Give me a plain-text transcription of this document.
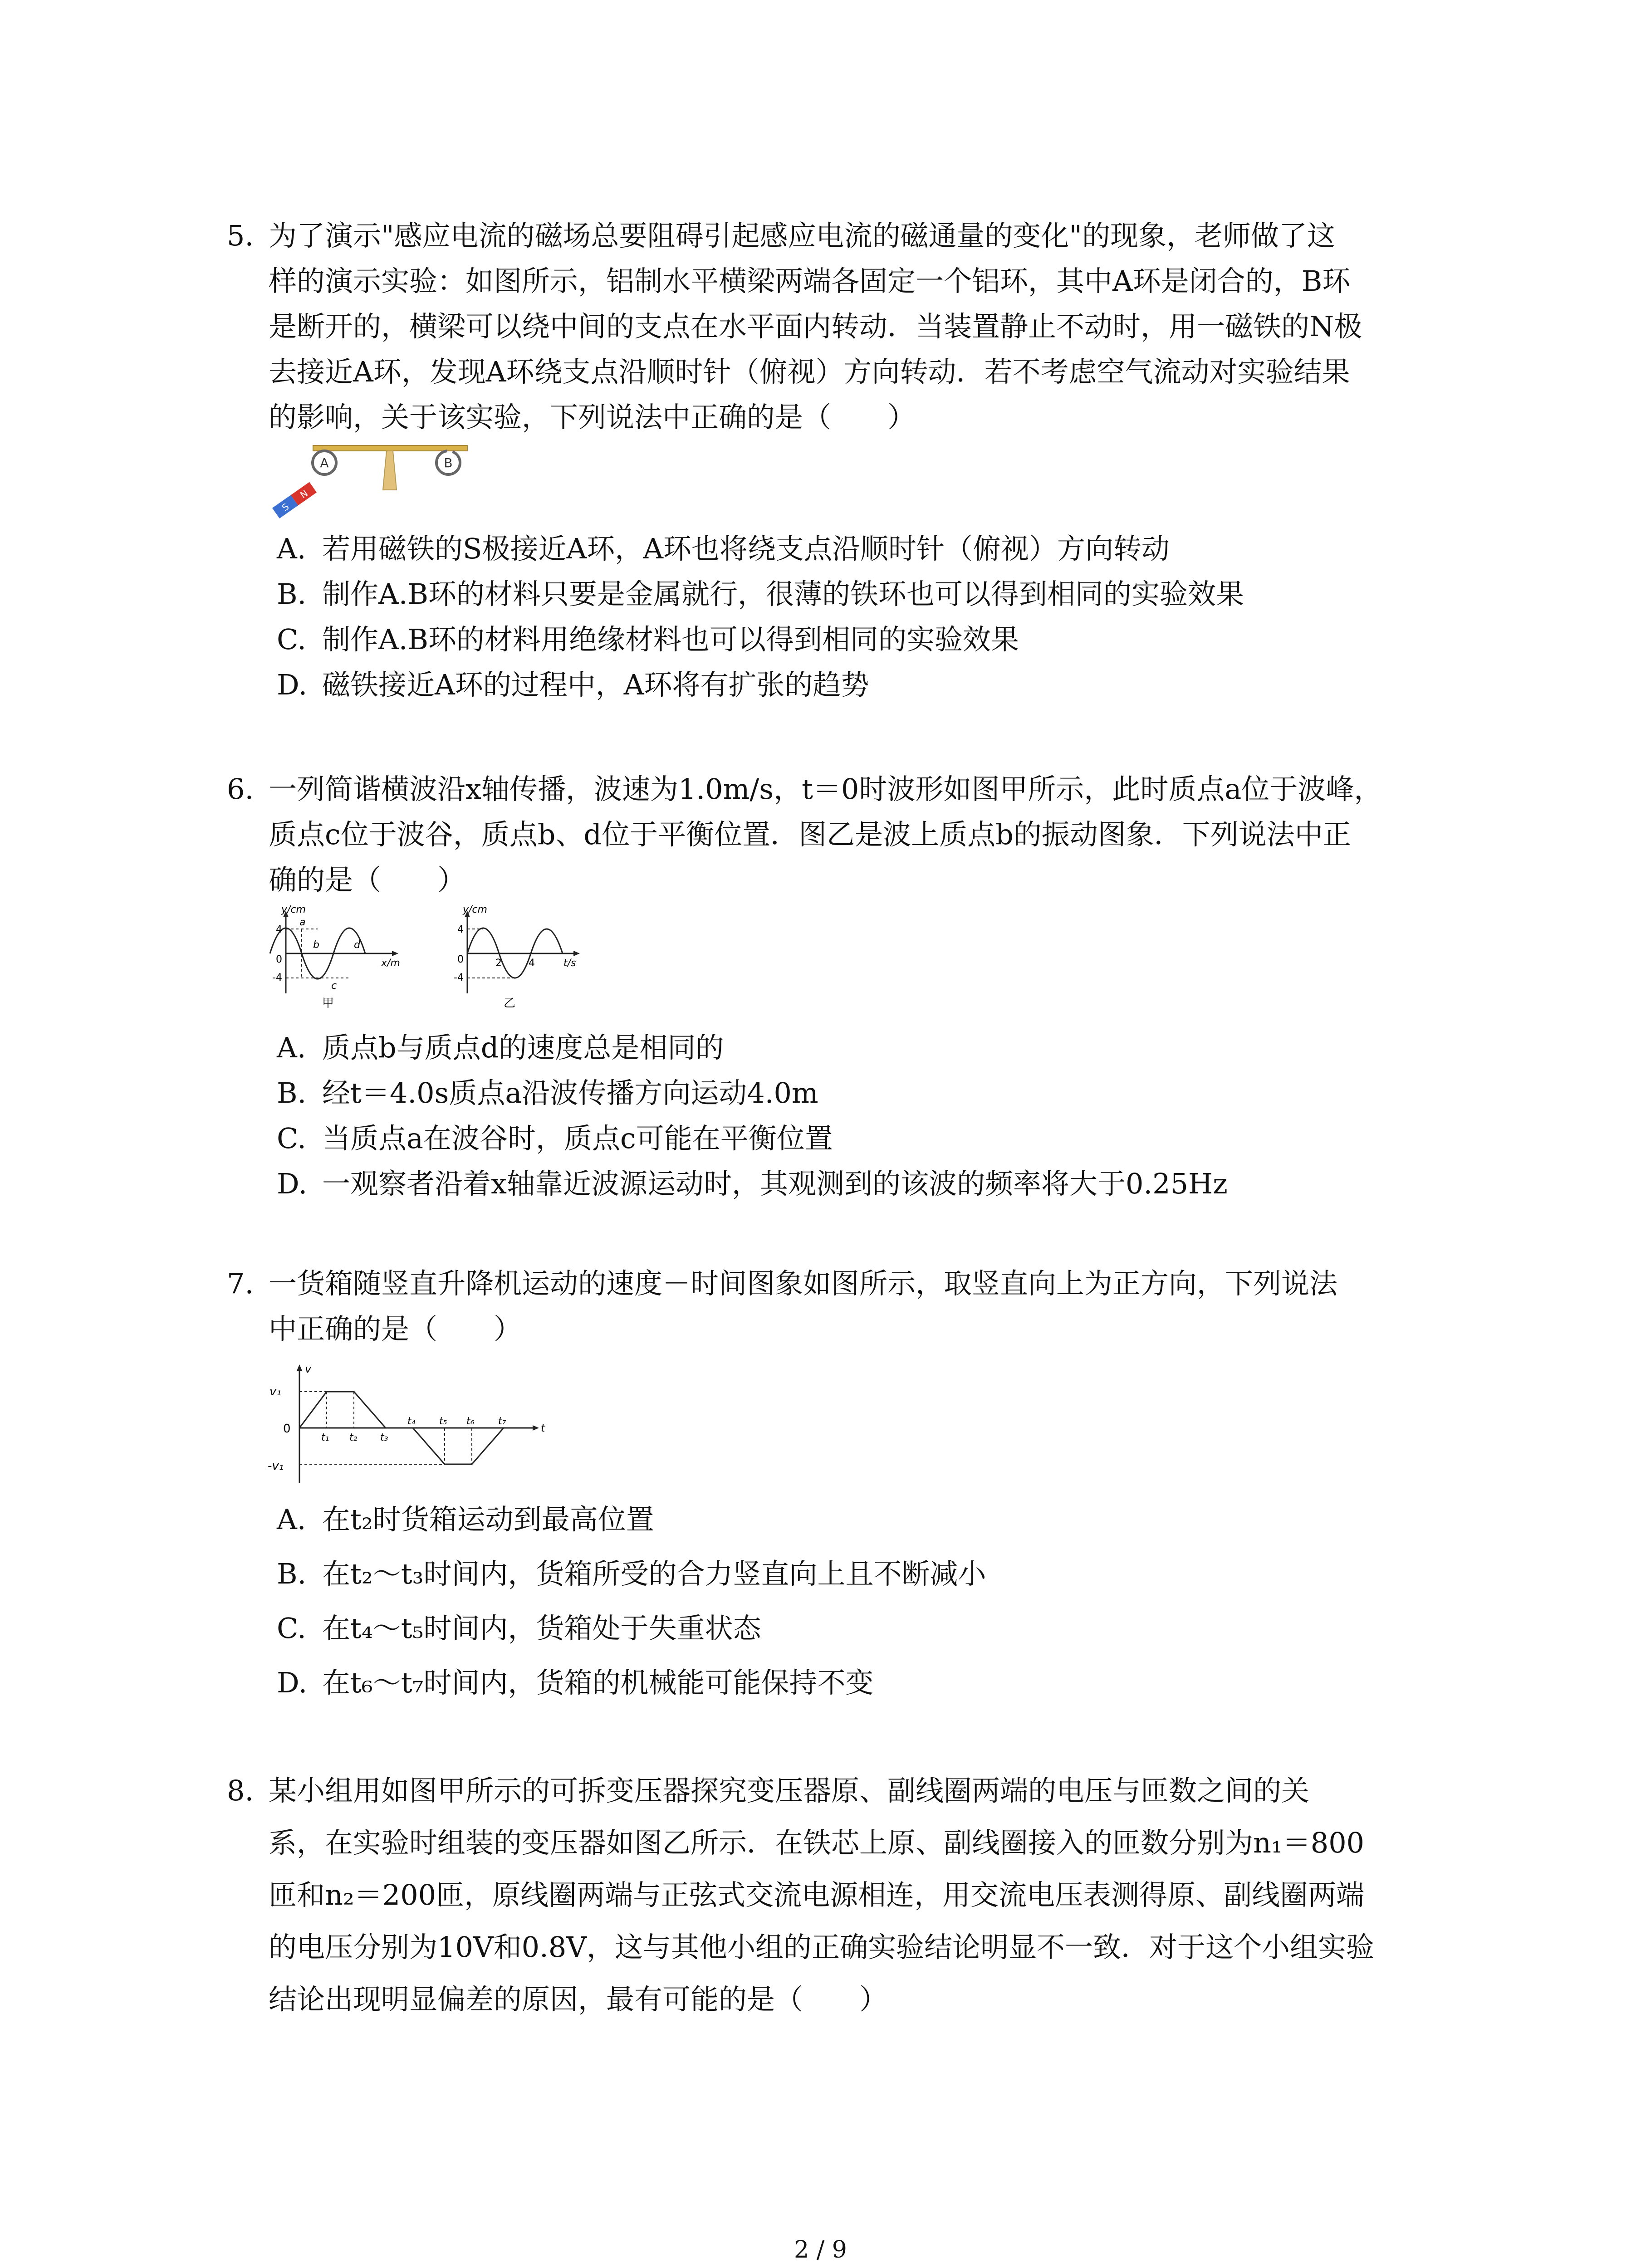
5. 为了演示"感应电流的磁场总要阻碍引起感应电流的磁通量的变化"的现象，老师做了这

样的演示实验：如图所示，铝制水平横梁两端各固定一个铝环，其中A环是闭合的，B环

是断开的，横梁可以绕中间的支点在水平面内转动．当装置静止不动时，用一磁铁的N极

去接近A环，发现A环绕支点沿顺时针（俯视）方向转动．若不考虑空气流动对实验结果

的影响，关于该实验，下列说法中正确的是（　　）

A	B
S
N
A. 若用磁铁的S极接近A环，A环也将绕支点沿顺时针（俯视）方向转动
B. 制作A.B环的材料只要是金属就行，很薄的铁环也可以得到相同的实验效果
C. 制作A.B环的材料用绝缘材料也可以得到相同的实验效果
D. 磁铁接近A环的过程中，A环将有扩张的趋势

6. 一列简谐横波沿x轴传播，波速为1.0m/s，t＝0时波形如图甲所示，此时质点a位于波峰，

质点c位于波谷，质点b、d位于平衡位置．图乙是波上质点b的振动图象．下列说法中正

确的是（　　）

y/cm
4
-4
0
a
b
c
d
x/m
甲
y/cm
4
-4
0	2	4	t/s
乙
A. 质点b与质点d的速度总是相同的
B. 经t＝4.0s质点a沿波传播方向运动4.0m
C. 当质点a在波谷时，质点c可能在平衡位置
D. 一观察者沿着x轴靠近波源运动时，其观测到的该波的频率将大于0.25Hz

7. 一货箱随竖直升降机运动的速度－时间图象如图所示，取竖直向上为正方向，下列说法

中正确的是（　　）

v
v₁
-v₁
0	t
t₁ t₂ t₃
t₄ t₅ t₆ t₇
A. 在t₂时货箱运动到最高位置
B. 在t₂～t₃时间内，货箱所受的合力竖直向上且不断减小
C. 在t₄～t₅时间内，货箱处于失重状态
D. 在t₆～t₇时间内，货箱的机械能可能保持不变

8. 某小组用如图甲所示的可拆变压器探究变压器原、副线圈两端的电压与匝数之间的关

系，在实验时组装的变压器如图乙所示．在铁芯上原、副线圈接入的匝数分别为n₁＝800

匝和n₂＝200匝，原线圈两端与正弦式交流电源相连，用交流电压表测得原、副线圈两端

的电压分别为10V和0.8V，这与其他小组的正确实验结论明显不一致．对于这个小组实验

结论出现明显偏差的原因，最有可能的是（　　）

2 / 9
